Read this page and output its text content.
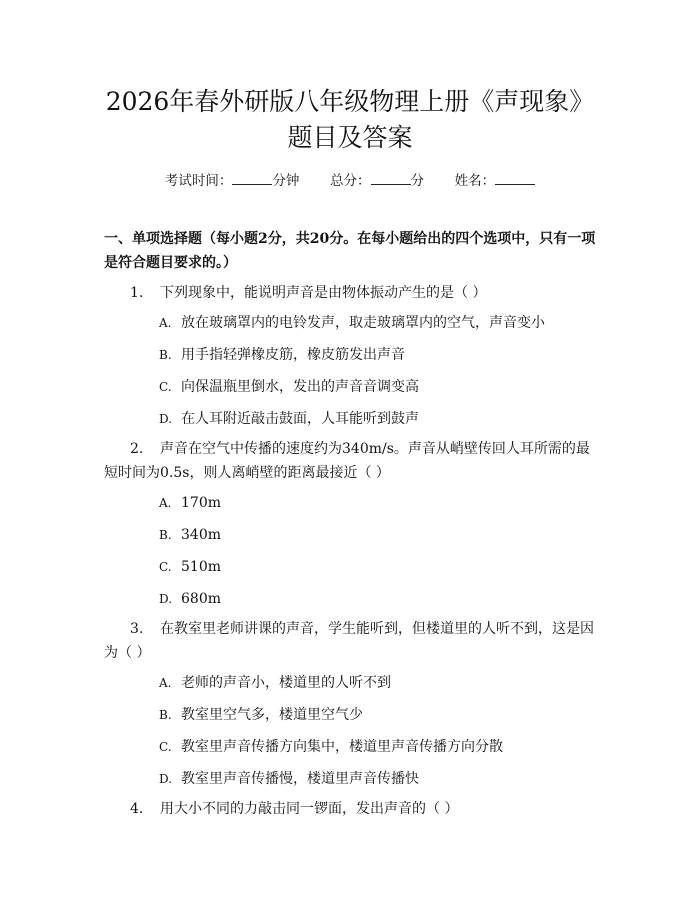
2026年春外研版八年级物理上册《声现象》
题目及答案
考试时间：	分钟 总分：	分 姓名：
一、单项选择题（每小题2分，共20分。在每小题给出的四个选项中，只有一项是符合题目要求的。）
1. 下列现象中，能说明声音是由物体振动产生的是（ ）
A. 放在玻璃罩内的电铃发声，取走玻璃罩内的空气，声音变小
B. 用手指轻弹橡皮筋，橡皮筋发出声音
C. 向保温瓶里倒水，发出的声音音调变高
D. 在人耳附近敲击鼓面，人耳能听到鼓声
2. 声音在空气中传播的速度约为340m/s。声音从峭壁传回人耳所需的最短时间为0.5s，则人离峭壁的距离最接近（ ）
A. 170m
B. 340m
C. 510m
D. 680m
3. 在教室里老师讲课的声音，学生能听到，但楼道里的人听不到，这是因为（ ）
A. 老师的声音小，楼道里的人听不到
B. 教室里空气多，楼道里空气少
C. 教室里声音传播方向集中，楼道里声音传播方向分散
D. 教室里声音传播慢，楼道里声音传播快
4. 用大小不同的力敲击同一锣面，发出声音的（ ）
